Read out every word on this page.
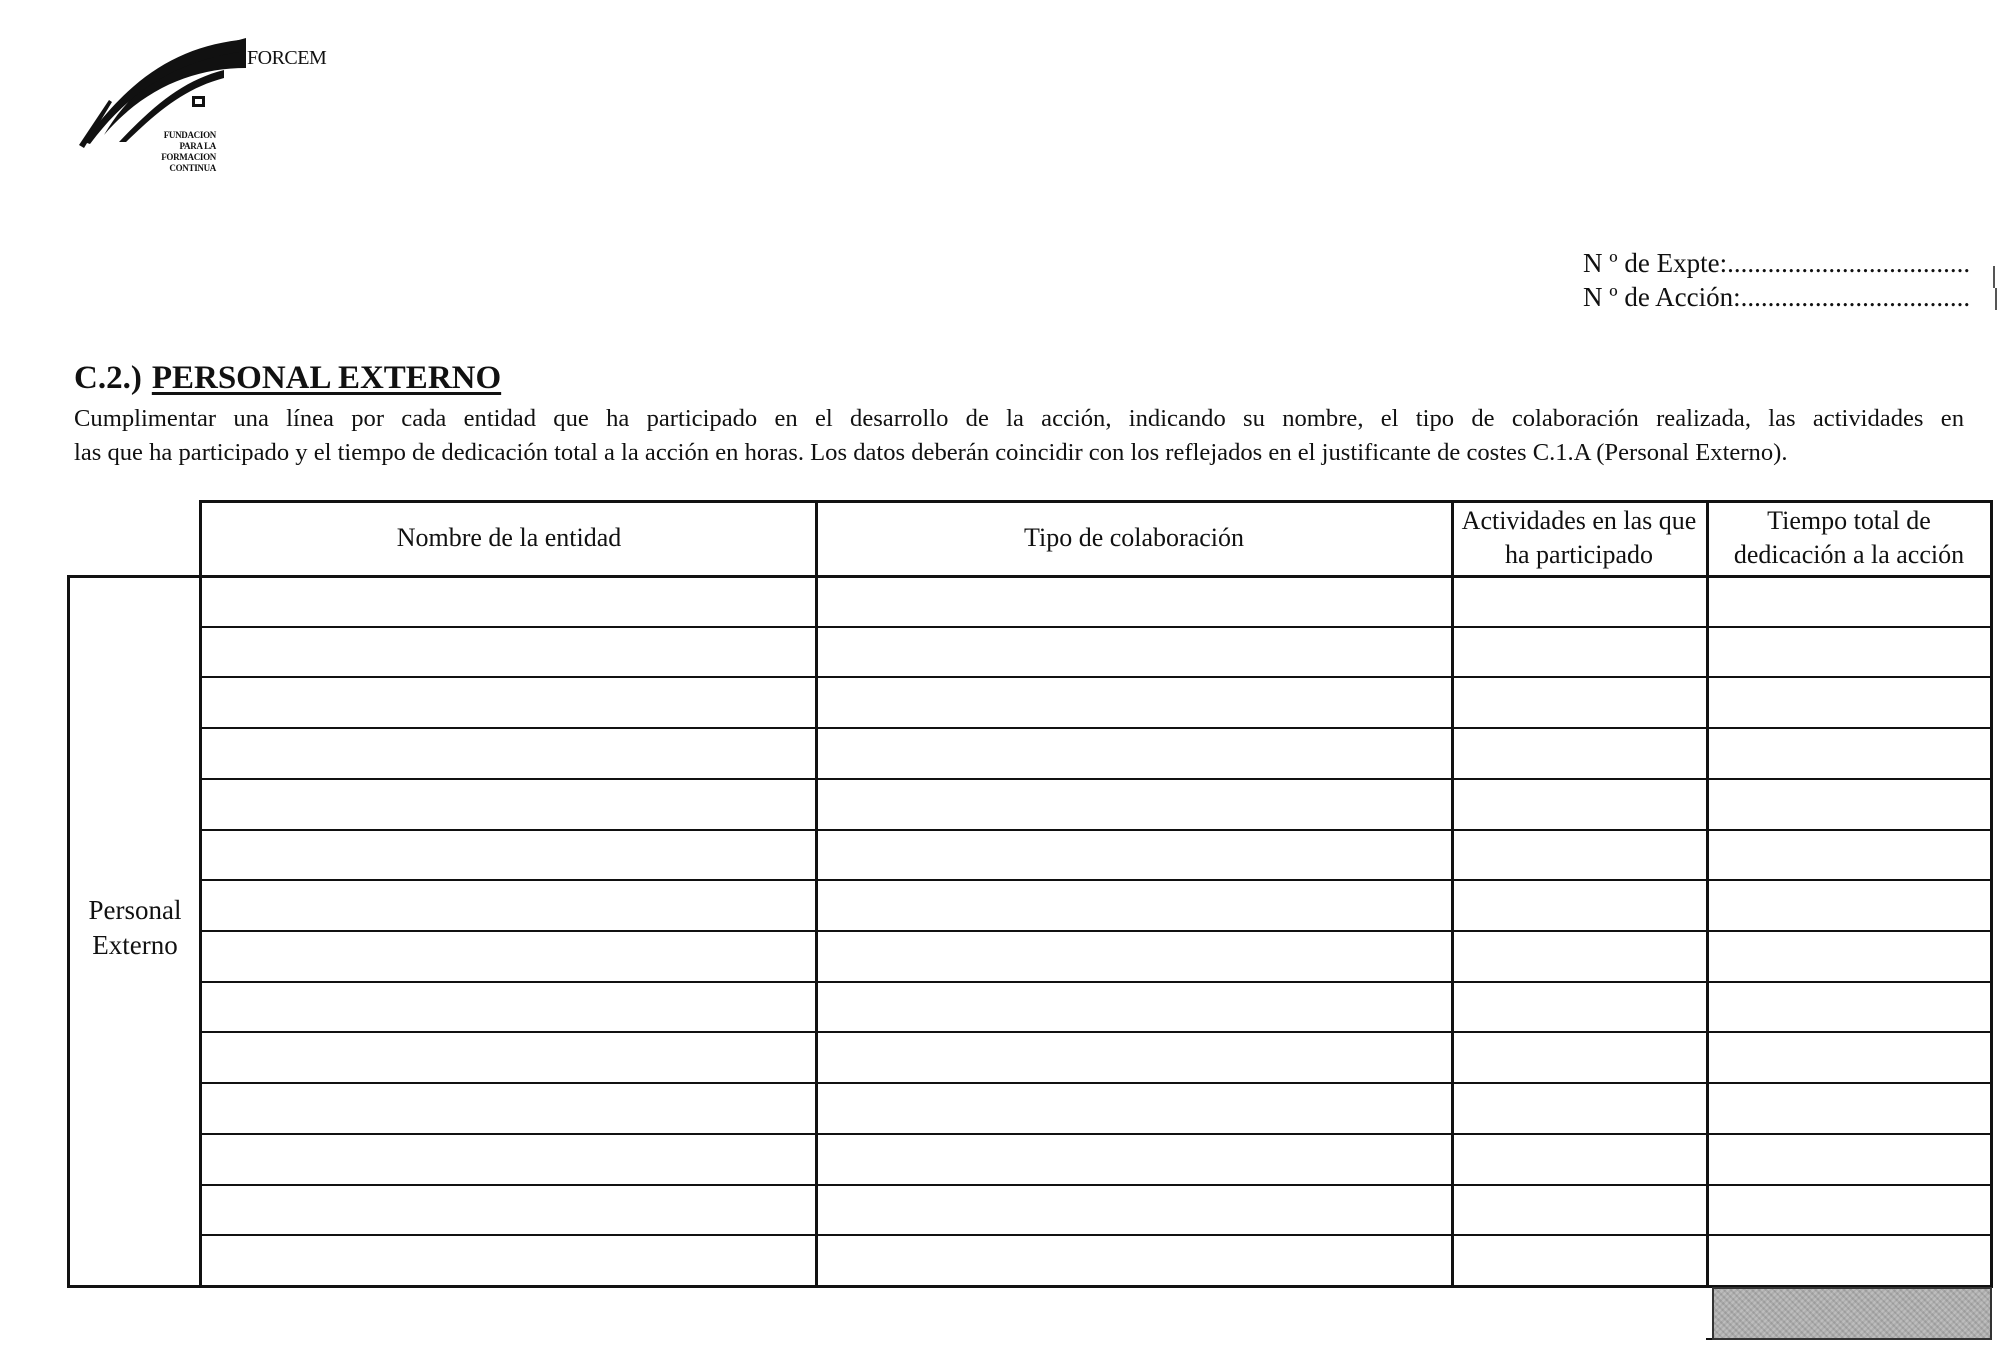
FORCEM
FUNDACION
PARA LA
FORMACION
CONTINUA
N º de Expte:....................................
N º de Acción:..................................
C.2.) PERSONAL EXTERNO
Cumplimentar una línea por cada entidad que ha participado en el desarrollo de la acción, indicando su nombre, el tipo de colaboración realizada, las actividades en
las que ha participado y el tiempo de dedicación total a la acción en horas. Los datos deberán coincidir con los reflejados en el justificante de costes C.1.A (Personal Externo).
Nombre de la entidad	Tipo de colaboración
Actividades en las que ha participado
Tiempo total de dedicación a la acción
Personal Externo
